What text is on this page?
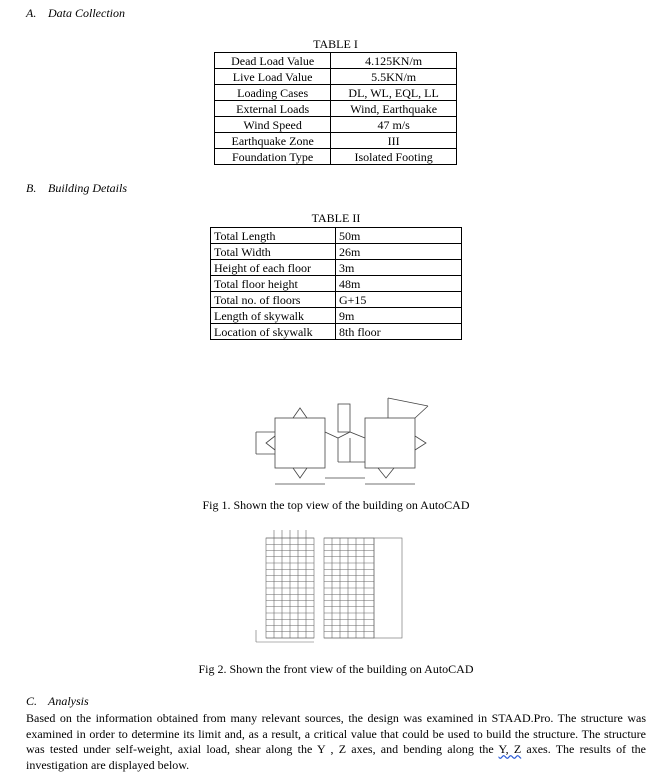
A. Data Collection
TABLE I
Dead Load Value	4.125KN/m
Live Load Value	5.5KN/m
Loading Cases	DL, WL, EQL, LL
External Loads	Wind, Earthquake
Wind Speed	47 m/s
Earthquake Zone	III
Foundation Type	Isolated Footing
B. Building Details
TABLE II
Total Length	50m
Total Width	26m
Height of each floor	3m
Total floor height	48m
Total no. of floors	G+15
Length of skywalk	9m
Location of skywalk	8th floor
Fig 1. Shown the top view of the building on AutoCAD
Fig 2. Shown the front view of the building on AutoCAD
C. Analysis
Based on the information obtained from many relevant sources, the design was examined in STAAD.Pro. The structure was examined in order to determine its limit and, as a result, a critical value that could be used to build the structure. The structure was tested under self-weight, axial load, shear along the Y , Z axes, and bending along the Y, Z axes. The results of the investigation are displayed below.
